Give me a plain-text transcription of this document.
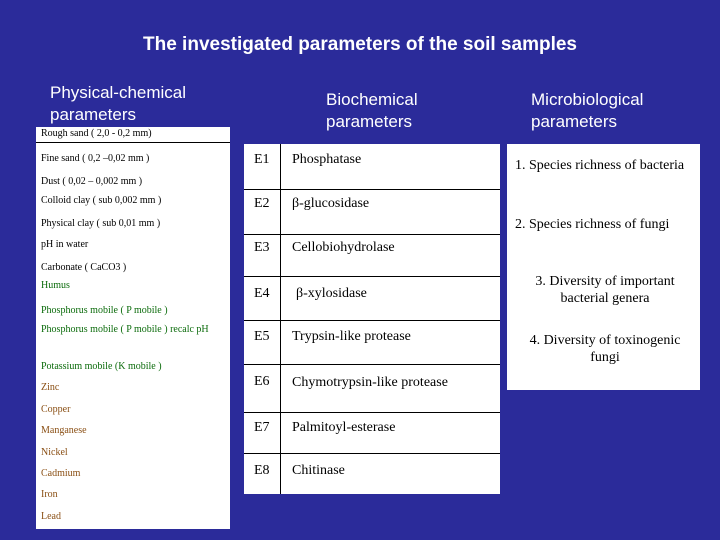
The investigated parameters of the soil samples
Physical-chemical
parameters
Biochemical
parameters
Microbiological
parameters
Rough sand ( 2,0 - 0,2 mm)
Fine sand ( 0,2 –0,02 mm )
Dust ( 0,02 – 0,002 mm )
Colloid clay ( sub 0,002 mm )
Physical clay ( sub 0,01 mm )
pH in water
Carbonate ( CaCO3 )
Humus
Phosphorus mobile ( P mobile )
Phosphorus mobile ( P mobile ) recalc pH
Potassium mobile (K mobile )
Zinc
Copper
Manganese
Nickel
Cadmium
Iron
Lead
E1 Phosphatase
E2 β-glucosidase
E3 Cellobiohydrolase
E4 β-xylosidase
E5 Trypsin-like protease
E6 Chymotrypsin-like protease
E7 Palmitoyl-esterase
E8 Chitinase
1. Species richness of bacteria
2. Species richness of fungi
3. Diversity of important bacterial genera
4. Diversity of toxinogenic fungi
